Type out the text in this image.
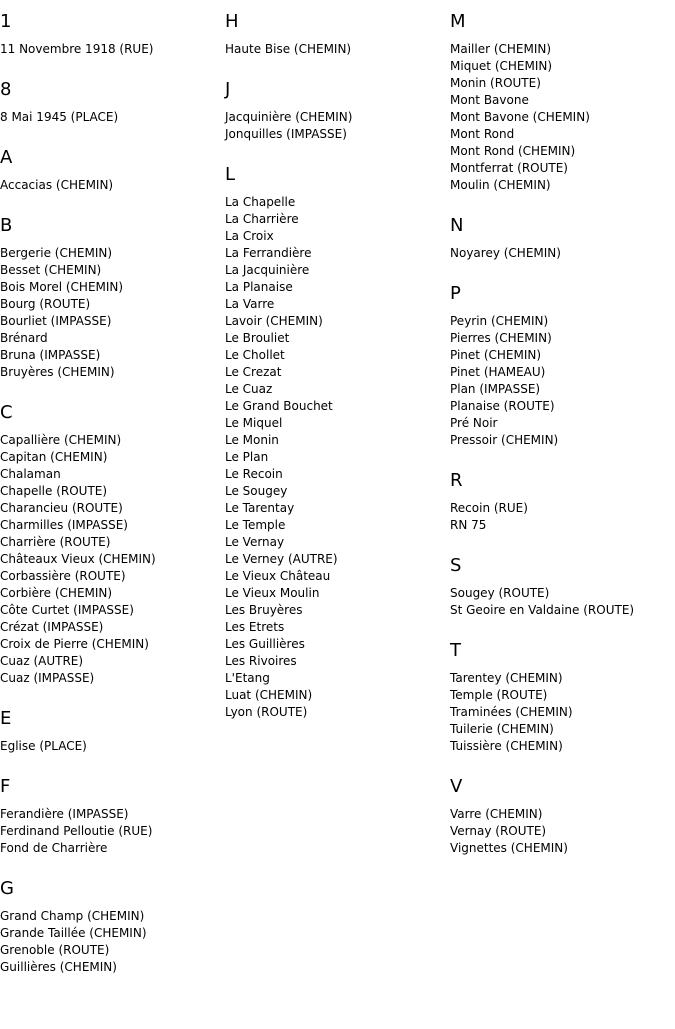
1
11 Novembre 1918 (RUE)
8
8 Mai 1945 (PLACE)
A
Accacias (CHEMIN)
B
Bergerie (CHEMIN)
Besset (CHEMIN)
Bois Morel (CHEMIN)
Bourg (ROUTE)
Bourliet (IMPASSE)
Brénard
Bruna (IMPASSE)
Bruyères (CHEMIN)
C
Capallière (CHEMIN)
Capitan (CHEMIN)
Chalaman
Chapelle (ROUTE)
Charancieu (ROUTE)
Charmilles (IMPASSE)
Charrière (ROUTE)
Châteaux Vieux (CHEMIN)
Corbassière (ROUTE)
Corbière (CHEMIN)
Côte Curtet (IMPASSE)
Crézat (IMPASSE)
Croix de Pierre (CHEMIN)
Cuaz (AUTRE)
Cuaz (IMPASSE)
E
Eglise (PLACE)
F
Ferandière (IMPASSE)
Ferdinand Pelloutie (RUE)
Fond de Charrière
G
Grand Champ (CHEMIN)
Grande Taillée (CHEMIN)
Grenoble (ROUTE)
Guillières (CHEMIN)
H
Haute Bise (CHEMIN)
J
Jacquinière (CHEMIN)
Jonquilles (IMPASSE)
L
La Chapelle
La Charrière
La Croix
La Ferrandière
La Jacquinière
La Planaise
La Varre
Lavoir (CHEMIN)
Le Brouliet
Le Chollet
Le Crezat
Le Cuaz
Le Grand Bouchet
Le Miquel
Le Monin
Le Plan
Le Recoin
Le Sougey
Le Tarentay
Le Temple
Le Vernay
Le Verney (AUTRE)
Le Vieux Château
Le Vieux Moulin
Les Bruyères
Les Etrets
Les Guillières
Les Rivoires
L'Etang
Luat (CHEMIN)
Lyon (ROUTE)
M
Mailler (CHEMIN)
Miquet (CHEMIN)
Monin (ROUTE)
Mont Bavone
Mont Bavone (CHEMIN)
Mont Rond
Mont Rond (CHEMIN)
Montferrat (ROUTE)
Moulin (CHEMIN)
N
Noyarey (CHEMIN)
P
Peyrin (CHEMIN)
Pierres (CHEMIN)
Pinet (CHEMIN)
Pinet (HAMEAU)
Plan (IMPASSE)
Planaise (ROUTE)
Pré Noir
Pressoir (CHEMIN)
R
Recoin (RUE)
RN 75
S
Sougey (ROUTE)
St Geoire en Valdaine (ROUTE)
T
Tarentey (CHEMIN)
Temple (ROUTE)
Traminées (CHEMIN)
Tuilerie (CHEMIN)
Tuissière (CHEMIN)
V
Varre (CHEMIN)
Vernay (ROUTE)
Vignettes (CHEMIN)
